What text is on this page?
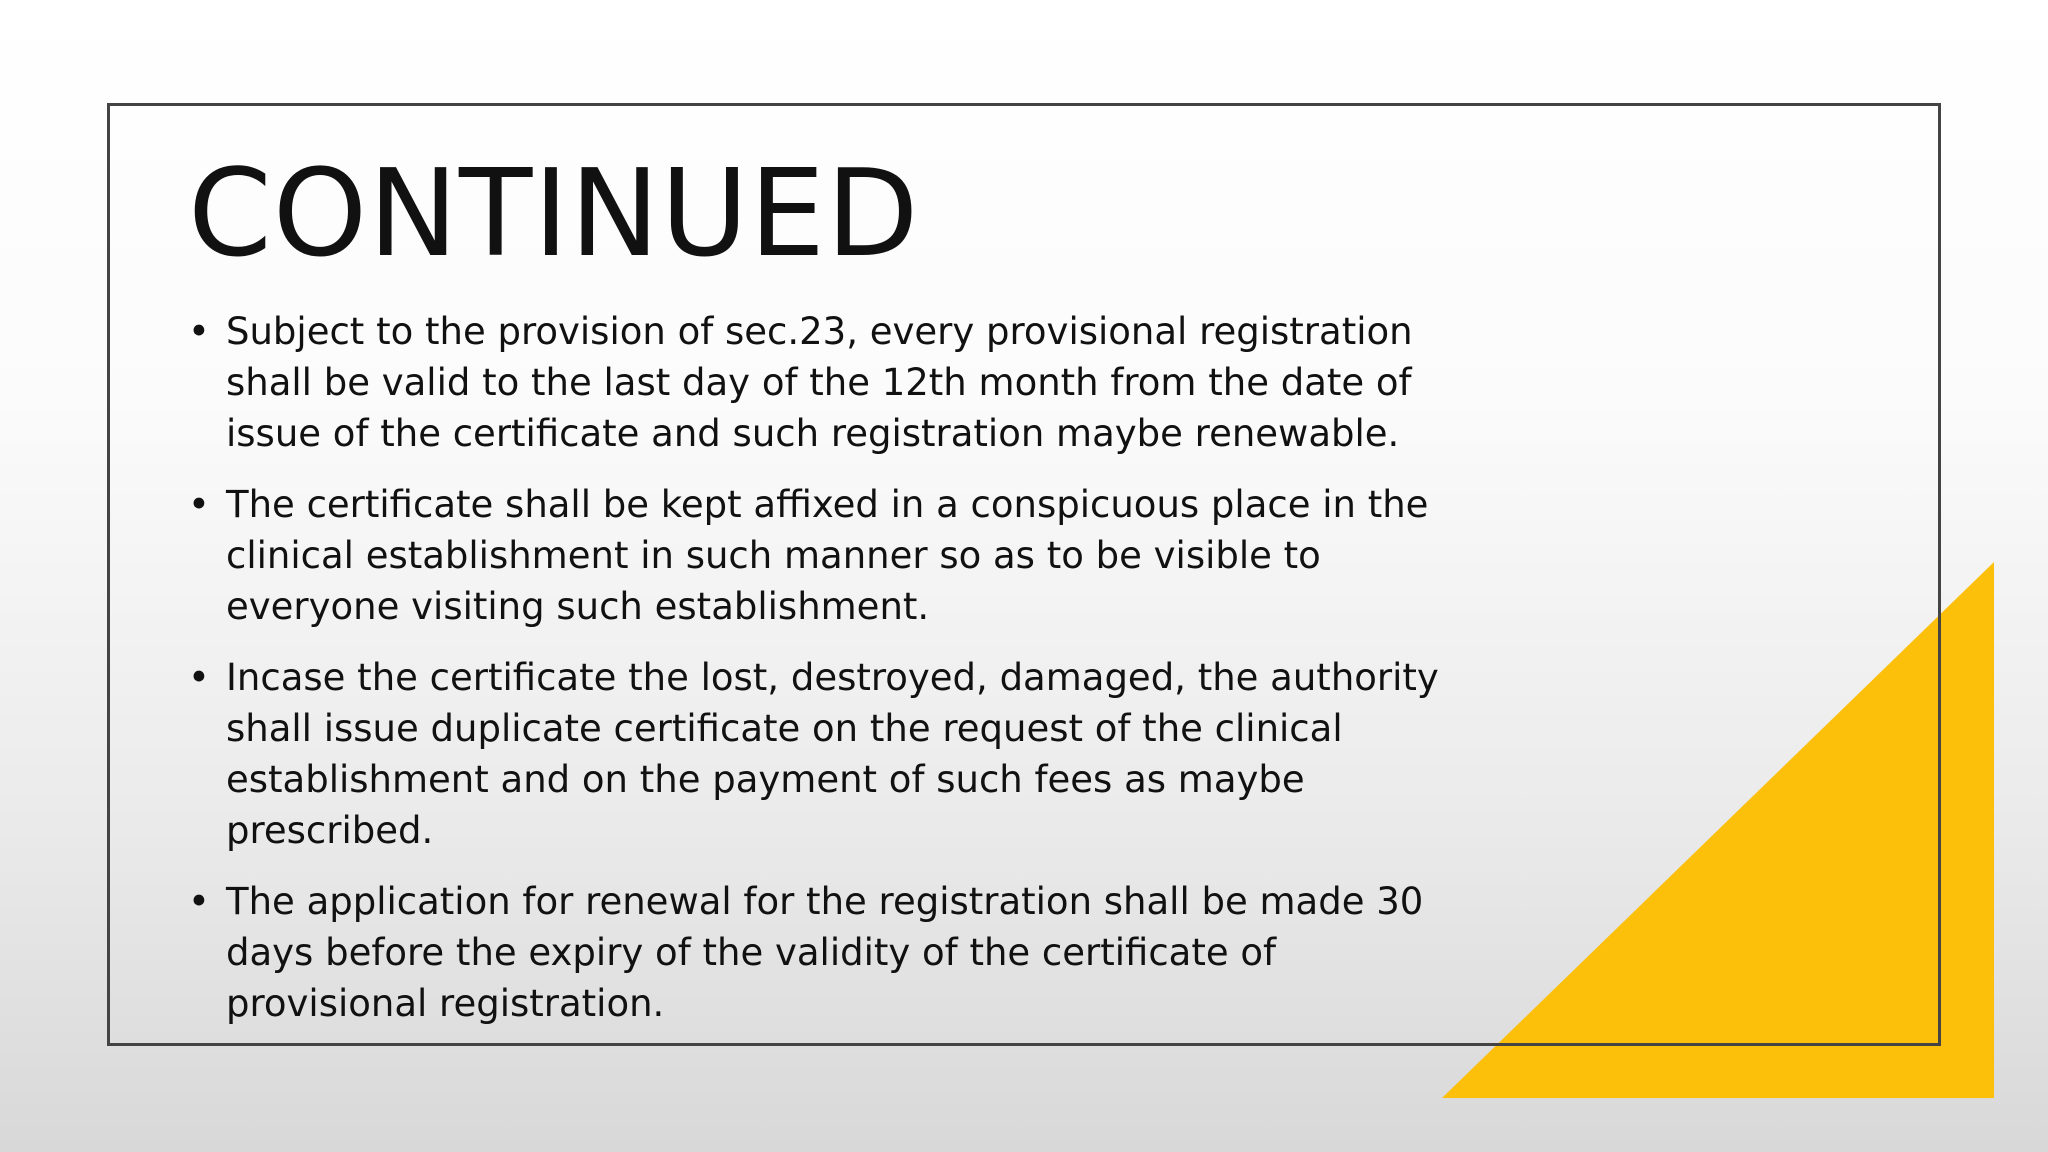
CONTINUED
• Subject to the provision of sec.23, every provisional registration shall be valid to the last day of the 12th month from the date of issue of the certificate and such registration maybe renewable.
• The certificate shall be kept affixed in a conspicuous place in the clinical establishment in such manner so as to be visible to everyone visiting such establishment.
• Incase the certificate the lost, destroyed, damaged, the authority shall issue duplicate certificate on the request of the clinical establishment and on the payment of such fees as maybe prescribed.
• The application for renewal for the registration shall be made 30 days before the expiry of the validity of the certificate of provisional registration.
